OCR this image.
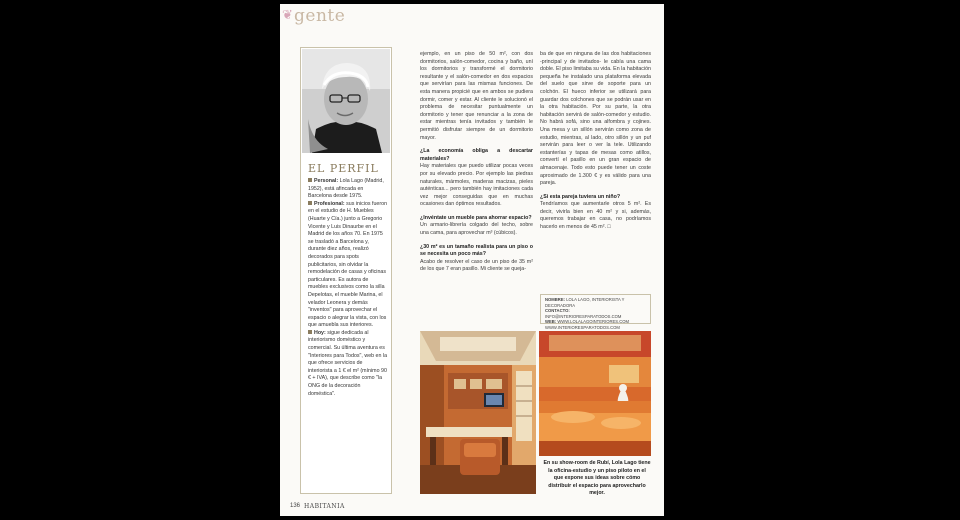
❦ gente
EL PERFIL

Personal: Lola Lago (Madrid, 1952), está afincada en Barcelona desde 1975.

Profesional: sus inicios fueron en el estudio de H. Muebles (Huarte y Cía.) junto a Gregorio Vicente y Luis Dinaurbe en el Madrid de los años 70. En 1975 se trasladó a Barcelona y, durante diez años, realizó decorados para spots publicitarios, sin olvidar la remodelación de casas y oficinas particulares. Es autora de muebles exclusivos como la silla Depelotas, el mueble Marina, el velador Leonera y demás "inventos" para aprovechar el espacio o alegrar la vista, con los que amuebla sus interiores.

Hoy: sigue dedicada al interiorismo doméstico y comercial. Su última aventura es "Interiores para Todos", web en la que ofrece servicios de interiorista a 1 € el m² (mínimo 90 € + IVA), que describe como "la ONG de la decoración doméstica".

ejemplo, en un piso de 50 m², con dos dormitorios, salón-comedor, cocina y baño, uní los dormitorios y transformé el dormitorio resultante y el salón-comedor en dos espacios que servirían para las mismas funciones. De esta manera propicié que en ambos se pudiera dormir, comer y estar. Al cliente le solucionó el problema de necesitar puntualmente un dormitorio y tener que renunciar a la zona de estar mientras tenía invitados y también le permitió disfrutar siempre de un dormitorio mayor.

¿La economía obliga a descartar materiales?

Hay materiales que puedo utilizar pocas veces por su elevado precio. Por ejemplo las piedras naturales, mármoles, maderas macizas, pieles auténticas... pero también hay imitaciones cada vez mejor conseguidas que en muchas ocasiones dan óptimos resultados.

¿Invéntate un mueble para ahorrar espacio?

Un armario-librería colgado del techo, sobre una cama, para aprovechar m³ (cúbicos).

¿30 m² es un tamaño realista para un piso o se necesita un poco más?

Acabo de resolver el caso de un piso de 35 m² de los que 7 eran pasillo. Mi cliente se queja-

ba de que en ninguna de las dos habitaciones -principal y de invitados- le cabía una cama doble. El piso limitaba su vida. En la habitación pequeña he instalado una plataforma elevada del suelo que sirve de soporte para un colchón. El hueco inferior se utilizará para guardar dos colchones que se podrán usar en la otra habitación. Por su parte, la otra habitación servirá de salón-comedor y estudio. No habrá sofá, sino una alfombra y cojines. Una mesa y un sillón servirán como zona de estudio, mientras, al lado, otro sillón y un puf servirán para leer o ver la tele. Utilizando estanterías y tapas de mesas como atillos, convertí el pasillo en un gran espacio de almacenaje. Todo esto puede tener un coste aproximado de 1.300 € y es válido para una pareja.

¿Si esta pareja tuviera un niño?

Tendríamos que aumentarle otros 5 m². Es decir, vivirla bien en 40 m² y si, además, queremos trabajar en casa, no podríamos hacerlo en menos de 45 m². □

NOMBRE: LOLA LAGO, INTERIORISTA Y DECORADORA
CONTACTO: INFO@INTERIORESPARATODOS.COM
WEB: WWW.LOLALAGOINTERIORES.COM
WWW.INTERIORESPARATODOS.COM
En su show-room de Rubí, Lola Lago tiene la oficina-estudio y un piso piloto en el que expone sus ideas sobre cómo distribuir el espacio para aprovecharlo mejor.
136 HABITANIA
